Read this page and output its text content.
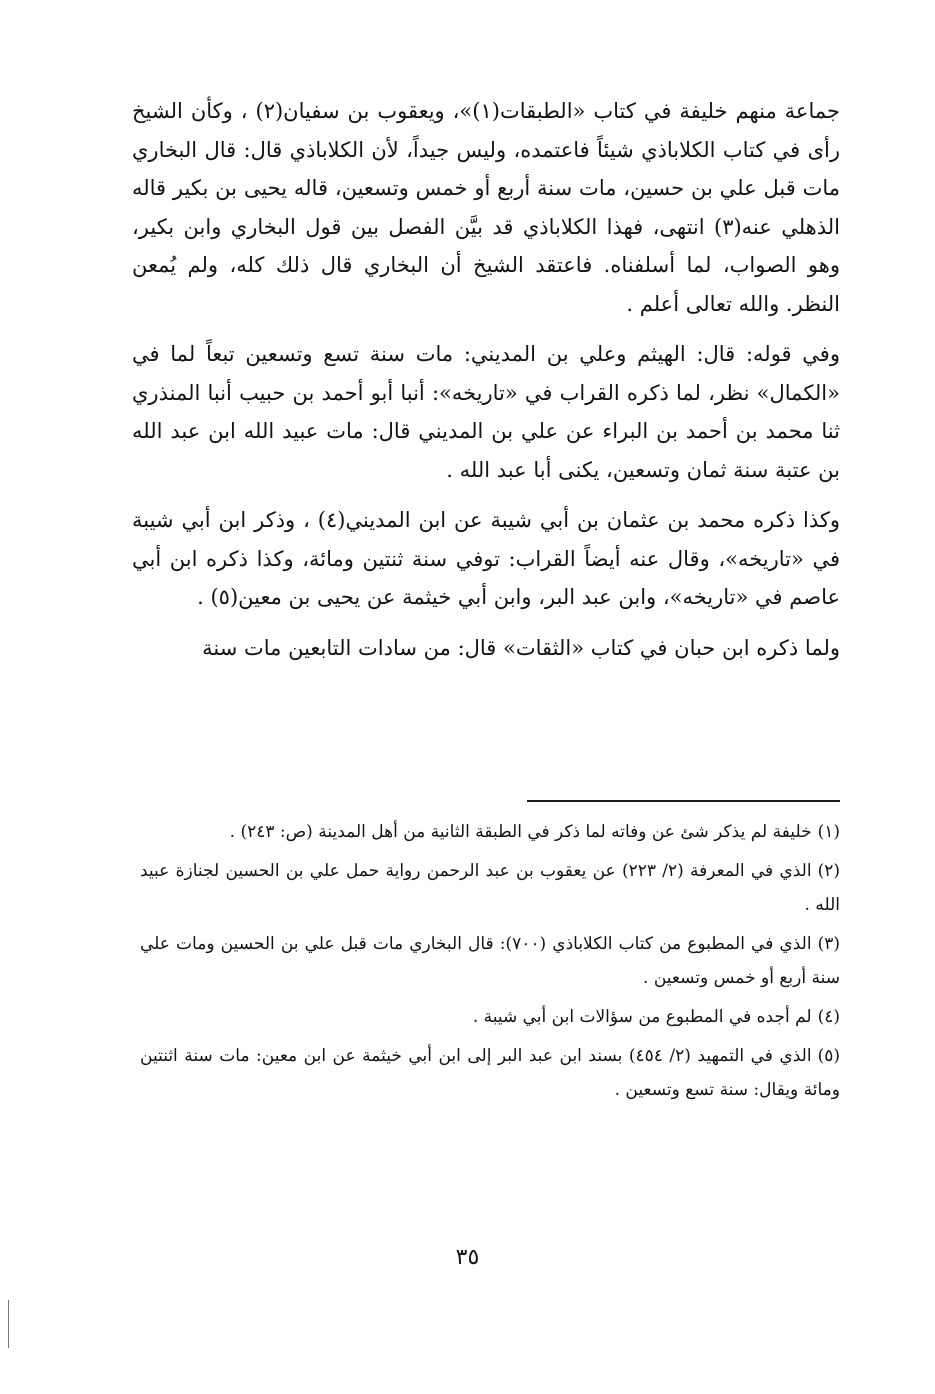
جماعة منهم خليفة في كتاب «الطبقات(١)»، ويعقوب بن سفيان(٢) ، وكأن الشيخ رأى في كتاب الكلاباذي شيئاً فاعتمده، وليس جيداً، لأن الكلاباذي قال: قال البخاري مات قبل علي بن حسين، مات سنة أربع أو خمس وتسعين، قاله يحيى بن بكير قاله الذهلي عنه(٣) انتهى، فهذا الكلاباذي قد بيَّن الفصل بين قول البخاري وابن بكير، وهو الصواب، لما أسلفناه. فاعتقد الشيخ أن البخاري قال ذلك كله، ولم يُمعن النظر. والله تعالى أعلم .

وفي قوله: قال: الهيثم وعلي بن المديني: مات سنة تسع وتسعين تبعاً لما في «الكمال» نظر، لما ذكره القراب في «تاريخه»: أنبا أبو أحمد بن حبيب أنبا المنذري ثنا محمد بن أحمد بن البراء عن علي بن المديني قال: مات عبيد الله ابن عبد الله بن عتبة سنة ثمان وتسعين، يكنى أبا عبد الله .

وكذا ذكره محمد بن عثمان بن أبي شيبة عن ابن المديني(٤) ، وذكر ابن أبي شيبة في «تاريخه»، وقال عنه أيضاً القراب: توفي سنة ثنتين ومائة، وكذا ذكره ابن أبي عاصم في «تاريخه»، وابن عبد البر، وابن أبي خيثمة عن يحيى بن معين(٥) .

ولما ذكره ابن حبان في كتاب «الثقات» قال: من سادات التابعين مات سنة

(١)خليفة لم يذكر شئ عن وفاته لما ذكر في الطبقة الثانية من أهل المدينة (ص: ٢٤٣) .

(٢)الذي في المعرفة (٢/ ٢٢٣) عن يعقوب بن عبد الرحمن رواية حمل علي بن الحسين لجنازة عبيد الله .

(٣)الذي في المطبوع من كتاب الكلاباذي (٧٠٠): قال البخاري مات قبل علي بن الحسين ومات علي سنة أربع أو خمس وتسعين .

(٤)لم أجده في المطبوع من سؤالات ابن أبي شيبة .

(٥)الذي في التمهيد (٢/ ٤٥٤) بسند ابن عبد البر إلى ابن أبي خيثمة عن ابن معين: مات سنة اثنتين ومائة ويقال: سنة تسع وتسعين .

٣٥
